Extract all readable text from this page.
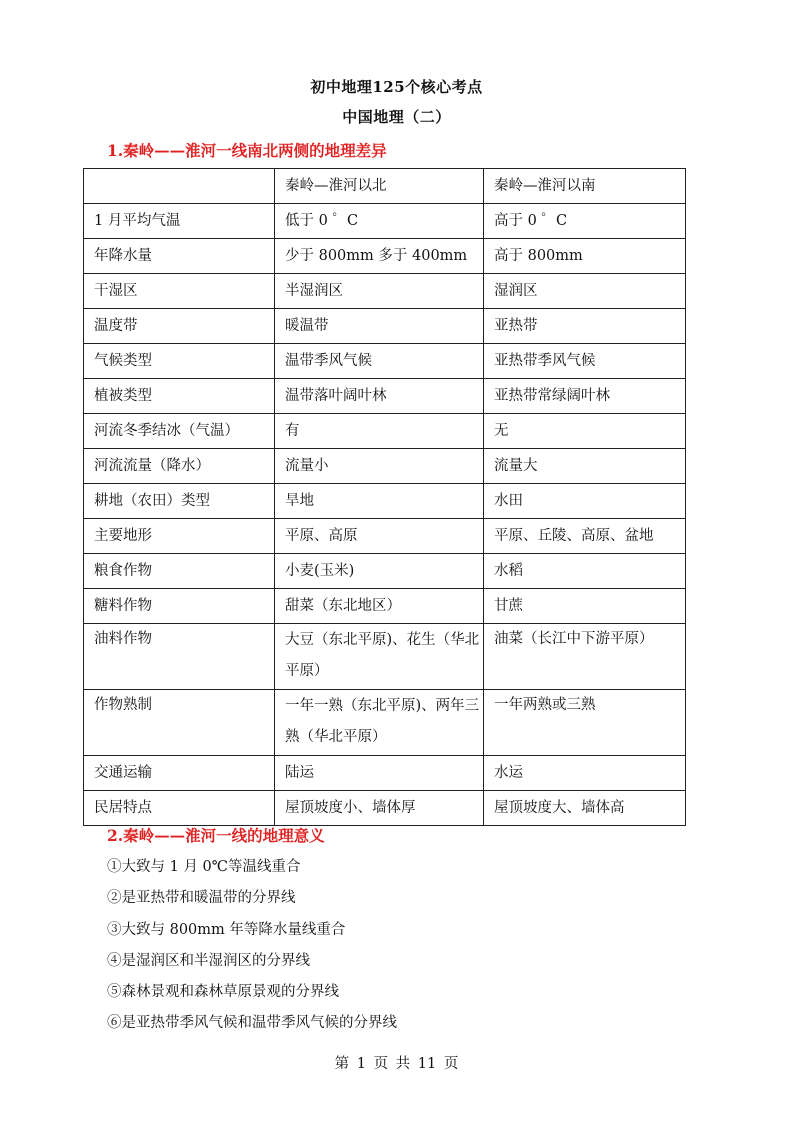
初中地理125个核心考点
中国地理（二）
1.秦岭——淮河一线南北两侧的地理差异
	秦岭—淮河以北	秦岭—淮河以南
1 月平均气温	低于 0 ゜C	高于 0 ゜C
年降水量	少于 800mm 多于 400mm	高于 800mm
干湿区	半湿润区	湿润区
温度带	暖温带	亚热带
气候类型	温带季风气候	亚热带季风气候
植被类型	温带落叶阔叶林	亚热带常绿阔叶林
河流冬季结冰（气温）	有	无
河流流量（降水）	流量小	流量大
耕地（农田）类型	旱地	水田
主要地形	平原、高原	平原、丘陵、高原、盆地
粮食作物	小麦(玉米)	水稻
糖料作物	甜菜（东北地区）	甘蔗
油料作物	大豆（东北平原)、花生（华北平原）	油菜（长江中下游平原）
作物熟制	一年一熟（东北平原)、两年三熟（华北平原）	一年两熟或三熟
交通运输	陆运	水运
民居特点	屋顶坡度小、墙体厚	屋顶坡度大、墙体高
2.秦岭——淮河一线的地理意义
①大致与 1 月 0℃等温线重合
②是亚热带和暖温带的分界线
③大致与 800mm 年等降水量线重合
④是湿润区和半湿润区的分界线
⑤森林景观和森林草原景观的分界线
⑥是亚热带季风气候和温带季风气候的分界线
第 1 页 共 11 页
